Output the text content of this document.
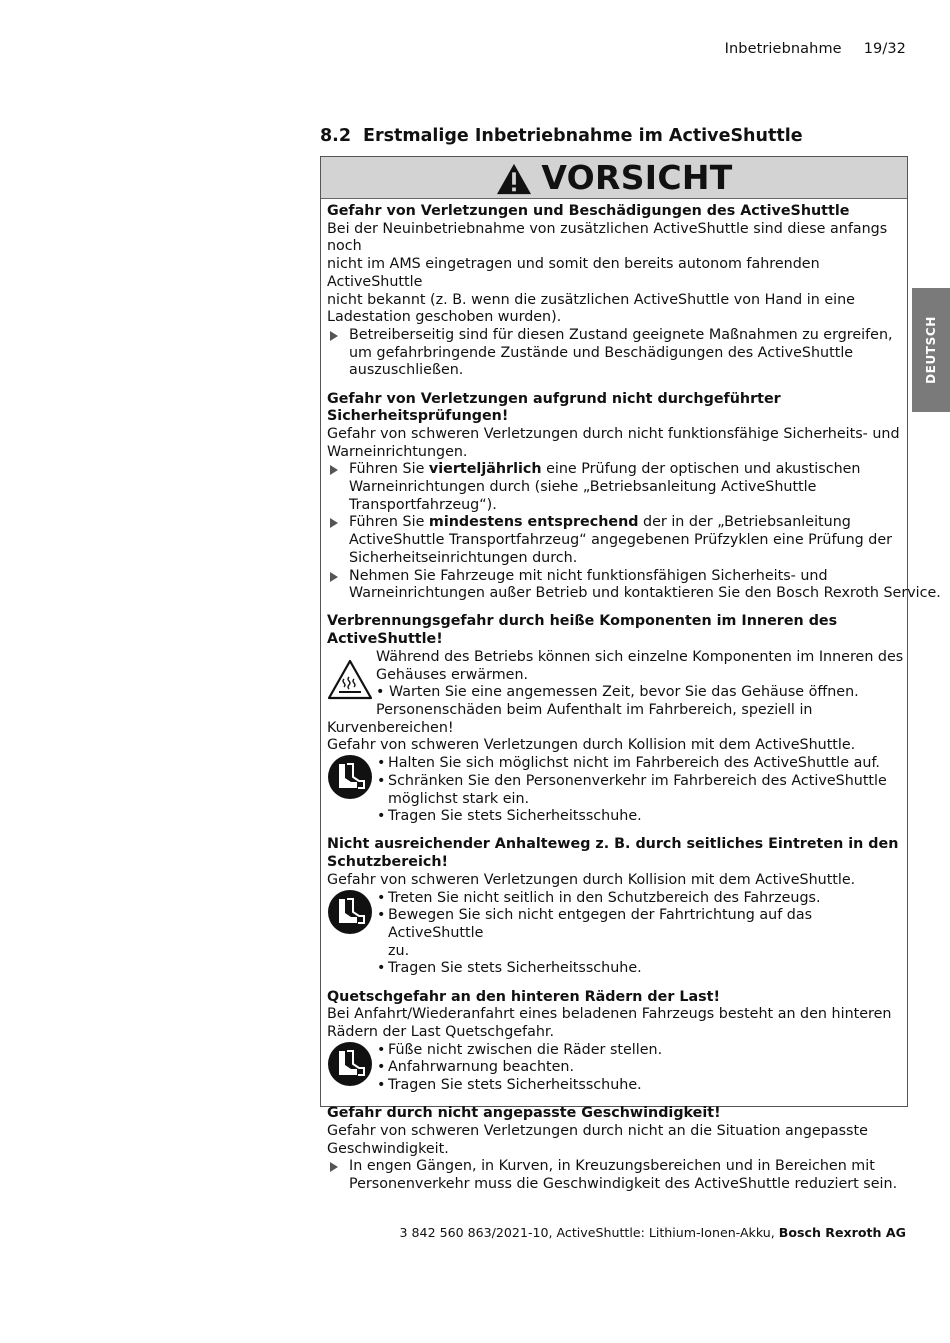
Inbetriebnahme 19/32
DEUTSCH
8.2 Erstmalige Inbetriebnahme im ActiveShuttle
VORSICHT
Gefahr von Verletzungen und Beschädigungen des ActiveShuttle
Bei der Neuinbetriebnahme von zusätzlichen ActiveShuttle sind diese anfangs noch
nicht im AMS eingetragen und somit den bereits autonom fahrenden ActiveShuttle
nicht bekannt (z. B. wenn die zusätzlichen ActiveShuttle von Hand in eine
Ladestation geschoben wurden).
Betreiberseitig sind für diesen Zustand geeignete Maßnahmen zu ergreifen,
um gefahrbringende Zustände und Beschädigungen des ActiveShuttle
auszuschließen.
Gefahr von Verletzungen aufgrund nicht durchgeführter Sicherheitsprüfungen!
Gefahr von schweren Verletzungen durch nicht funktionsfähige Sicherheits- und
Warneinrichtungen.
Führen Sie vierteljährlich eine Prüfung der optischen und akustischen
Warneinrichtungen durch (siehe „Betriebsanleitung ActiveShuttle
Transportfahrzeug“).
Führen Sie mindestens entsprechend der in der „Betriebsanleitung
ActiveShuttle Transportfahrzeug“ angegebenen Prüfzyklen eine Prüfung der
Sicherheitseinrichtungen durch.
Nehmen Sie Fahrzeuge mit nicht funktionsfähigen Sicherheits- und
Warneinrichtungen außer Betrieb und kontaktieren Sie den Bosch Rexroth Service.
Verbrennungsgefahr durch heiße Komponenten im Inneren des ActiveShuttle!
Während des Betriebs können sich einzelne Komponenten im Inneren des
Gehäuses erwärmen.
• Warten Sie eine angemessen Zeit, bevor Sie das Gehäuse öffnen.
Personenschäden beim Aufenthalt im Fahrbereich, speziell in
Kurvenbereichen!
Gefahr von schweren Verletzungen durch Kollision mit dem ActiveShuttle.
• Halten Sie sich möglichst nicht im Fahrbereich des ActiveShuttle auf.
• Schränken Sie den Personenverkehr im Fahrbereich des ActiveShuttle
möglichst stark ein.
• Tragen Sie stets Sicherheitsschuhe.
Nicht ausreichender Anhalteweg z. B. durch seitliches Eintreten in den
Schutzbereich!
Gefahr von schweren Verletzungen durch Kollision mit dem ActiveShuttle.
• Treten Sie nicht seitlich in den Schutzbereich des Fahrzeugs.
• Bewegen Sie sich nicht entgegen der Fahrtrichtung auf das ActiveShuttle
zu.
• Tragen Sie stets Sicherheitsschuhe.
Quetschgefahr an den hinteren Rädern der Last!
Bei Anfahrt/Wiederanfahrt eines beladenen Fahrzeugs besteht an den hinteren
Rädern der Last Quetschgefahr.
• Füße nicht zwischen die Räder stellen.
• Anfahrwarnung beachten.
• Tragen Sie stets Sicherheitsschuhe.
Gefahr durch nicht angepasste Geschwindigkeit!
Gefahr von schweren Verletzungen durch nicht an die Situation angepasste
Geschwindigkeit.
In engen Gängen, in Kurven, in Kreuzungsbereichen und in Bereichen mit
Personenverkehr muss die Geschwindigkeit des ActiveShuttle reduziert sein.
3 842 560 863/2021-10, ActiveShuttle: Lithium-Ionen-Akku, Bosch Rexroth AG
